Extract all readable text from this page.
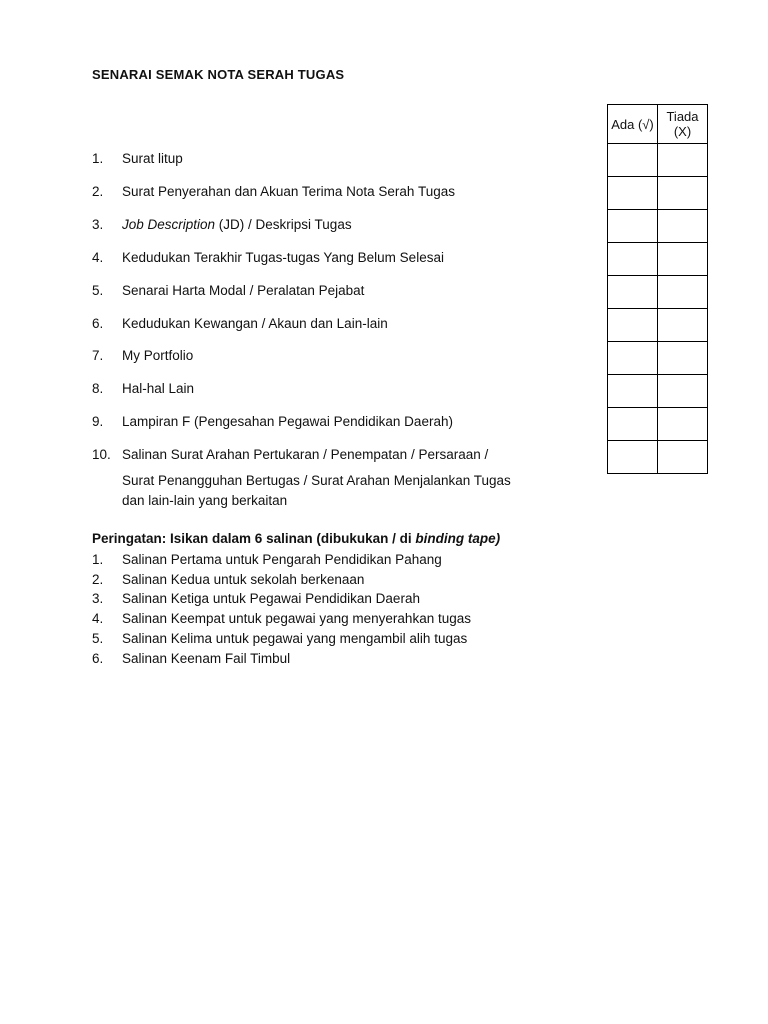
SENARAI SEMAK NOTA SERAH TUGAS
1. Surat litup
2. Surat Penyerahan dan Akuan Terima Nota Serah Tugas
3. Job Description (JD) / Deskripsi Tugas
4. Kedudukan Terakhir Tugas-tugas Yang Belum Selesai
5. Senarai Harta Modal / Peralatan Pejabat
6. Kedudukan Kewangan / Akaun dan Lain-lain
7. My Portfolio
8. Hal-hal Lain
9. Lampiran F (Pengesahan Pegawai Pendidikan Daerah)
10. Salinan Surat Arahan Pertukaran / Penempatan / Persaraan /
Surat Penangguhan Bertugas / Surat Arahan Menjalankan Tugas
dan lain-lain yang berkaitan
Ada (√)	Tiada
(X)

Peringatan: Isikan dalam 6 salinan (dibukukan / di binding tape)
1. Salinan Pertama untuk Pengarah Pendidikan Pahang
2. Salinan Kedua untuk sekolah berkenaan
3. Salinan Ketiga untuk Pegawai Pendidikan Daerah
4. Salinan Keempat untuk pegawai yang menyerahkan tugas
5. Salinan Kelima untuk pegawai yang mengambil alih tugas
6. Salinan Keenam Fail Timbul
